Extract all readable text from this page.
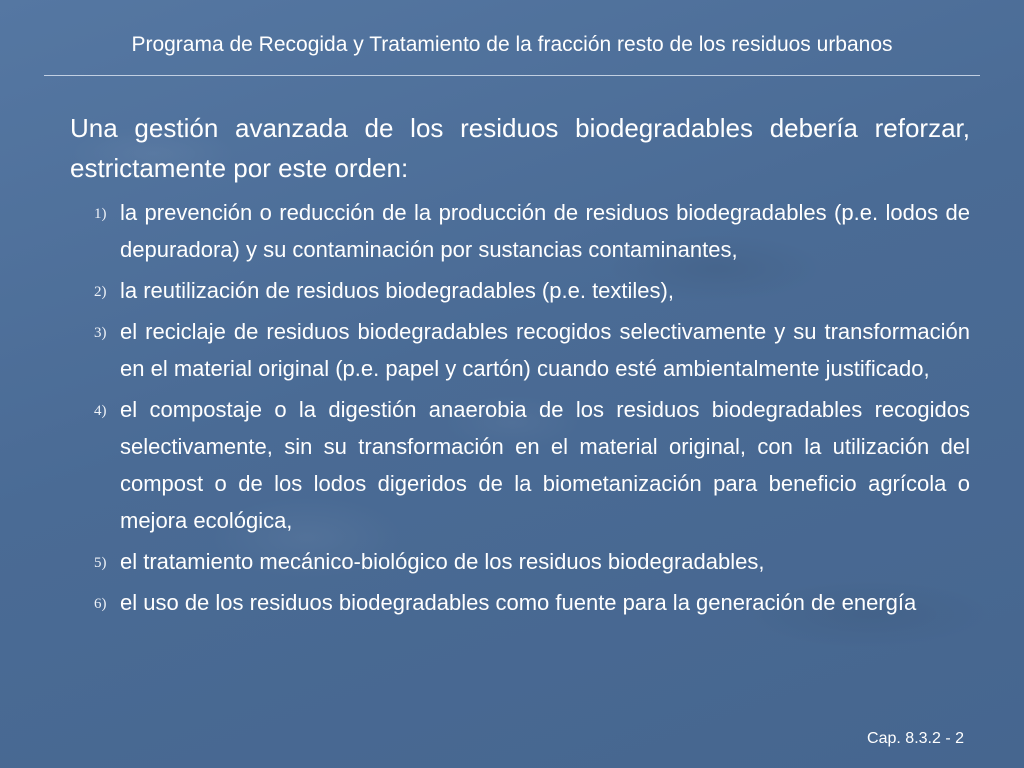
Programa de Recogida y Tratamiento de la fracción resto de los residuos urbanos

Una gestión avanzada de los residuos biodegradables debería reforzar, estrictamente por este orden:

1) la prevención o reducción de la producción de residuos biodegradables (p.e. lodos de depuradora) y su contaminación por sustancias contaminantes,
2) la reutilización de residuos biodegradables (p.e. textiles),
3) el reciclaje de residuos biodegradables recogidos selectivamente y su transformación en el material original (p.e. papel y cartón) cuando esté ambientalmente justificado,
4) el compostaje o la digestión anaerobia de los residuos biodegradables recogidos selectivamente, sin su transformación en el material original, con la utilización del compost o de los lodos digeridos de la biometanización para beneficio agrícola o mejora ecológica,
5) el tratamiento mecánico-biológico de los residuos biodegradables,
6) el uso de los residuos biodegradables como fuente para la generación de energía
Cap. 8.3.2 - 2
